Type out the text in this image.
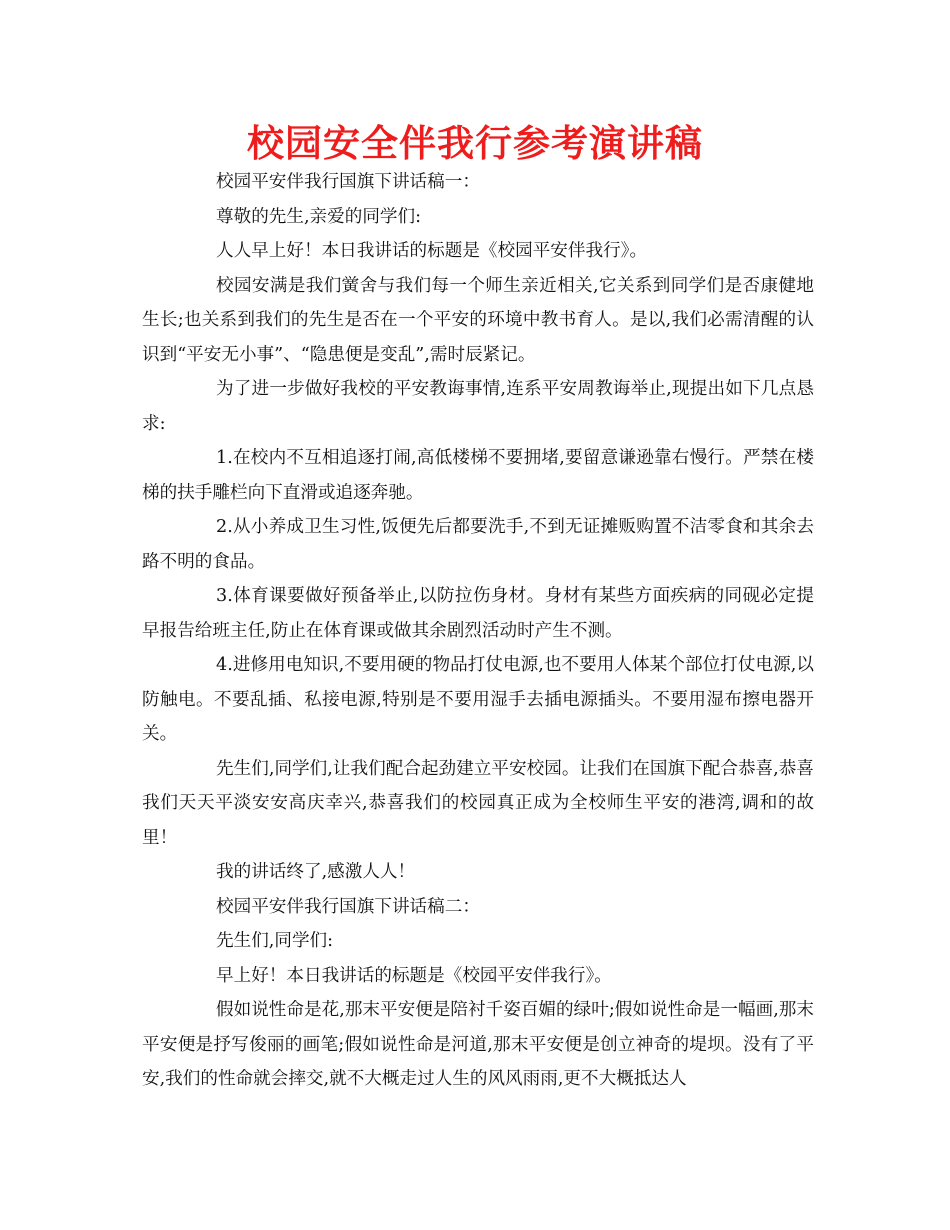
校园安全伴我行参考演讲稿

校园平安伴我行国旗下讲话稿一：

尊敬的先生,亲爱的同学们:

人人早上好！本日我讲话的标题是《校园平安伴我行》。

校园安满是我们黉舍与我们每一个师生亲近相关,它关系到同学们是否康健地生长;也关系到我们的先生是否在一个平安的环境中教书育人。是以,我们必需清醒的认识到“平安无小事”、“隐患便是变乱”,需时辰紧记。

为了进一步做好我校的平安教诲事情,连系平安周教诲举止,现提出如下几点恳求:

1.在校内不互相追逐打闹,高低楼梯不要拥堵,要留意谦逊靠右慢行。严禁在楼梯的扶手雕栏向下直滑或追逐奔驰。

2.从小养成卫生习性,饭便先后都要洗手,不到无证摊贩购置不洁零食和其余去路不明的食品。

3.体育课要做好预备举止,以防拉伤身材。身材有某些方面疾病的同砚必定提早报告给班主任,防止在体育课或做其余剧烈活动时产生不测。

4.进修用电知识,不要用硬的物品打仗电源,也不要用人体某个部位打仗电源,以防触电。不要乱插、私接电源,特别是不要用湿手去插电源插头。不要用湿布擦电器开关。

先生们,同学们,让我们配合起劲建立平安校园。让我们在国旗下配合恭喜,恭喜我们天天平淡安安高庆幸兴,恭喜我们的校园真正成为全校师生平安的港湾,调和的故里！

我的讲话终了,感激人人！

校园平安伴我行国旗下讲话稿二：

先生们,同学们:

早上好！本日我讲话的标题是《校园平安伴我行》。

假如说性命是花,那末平安便是陪衬千姿百媚的绿叶;假如说性命是一幅画,那末平安便是抒写俊丽的画笔;假如说性命是河道,那末平安便是创立神奇的堤坝。没有了平安,我们的性命就会摔交,就不大概走过人生的风风雨雨,更不大概抵达人
